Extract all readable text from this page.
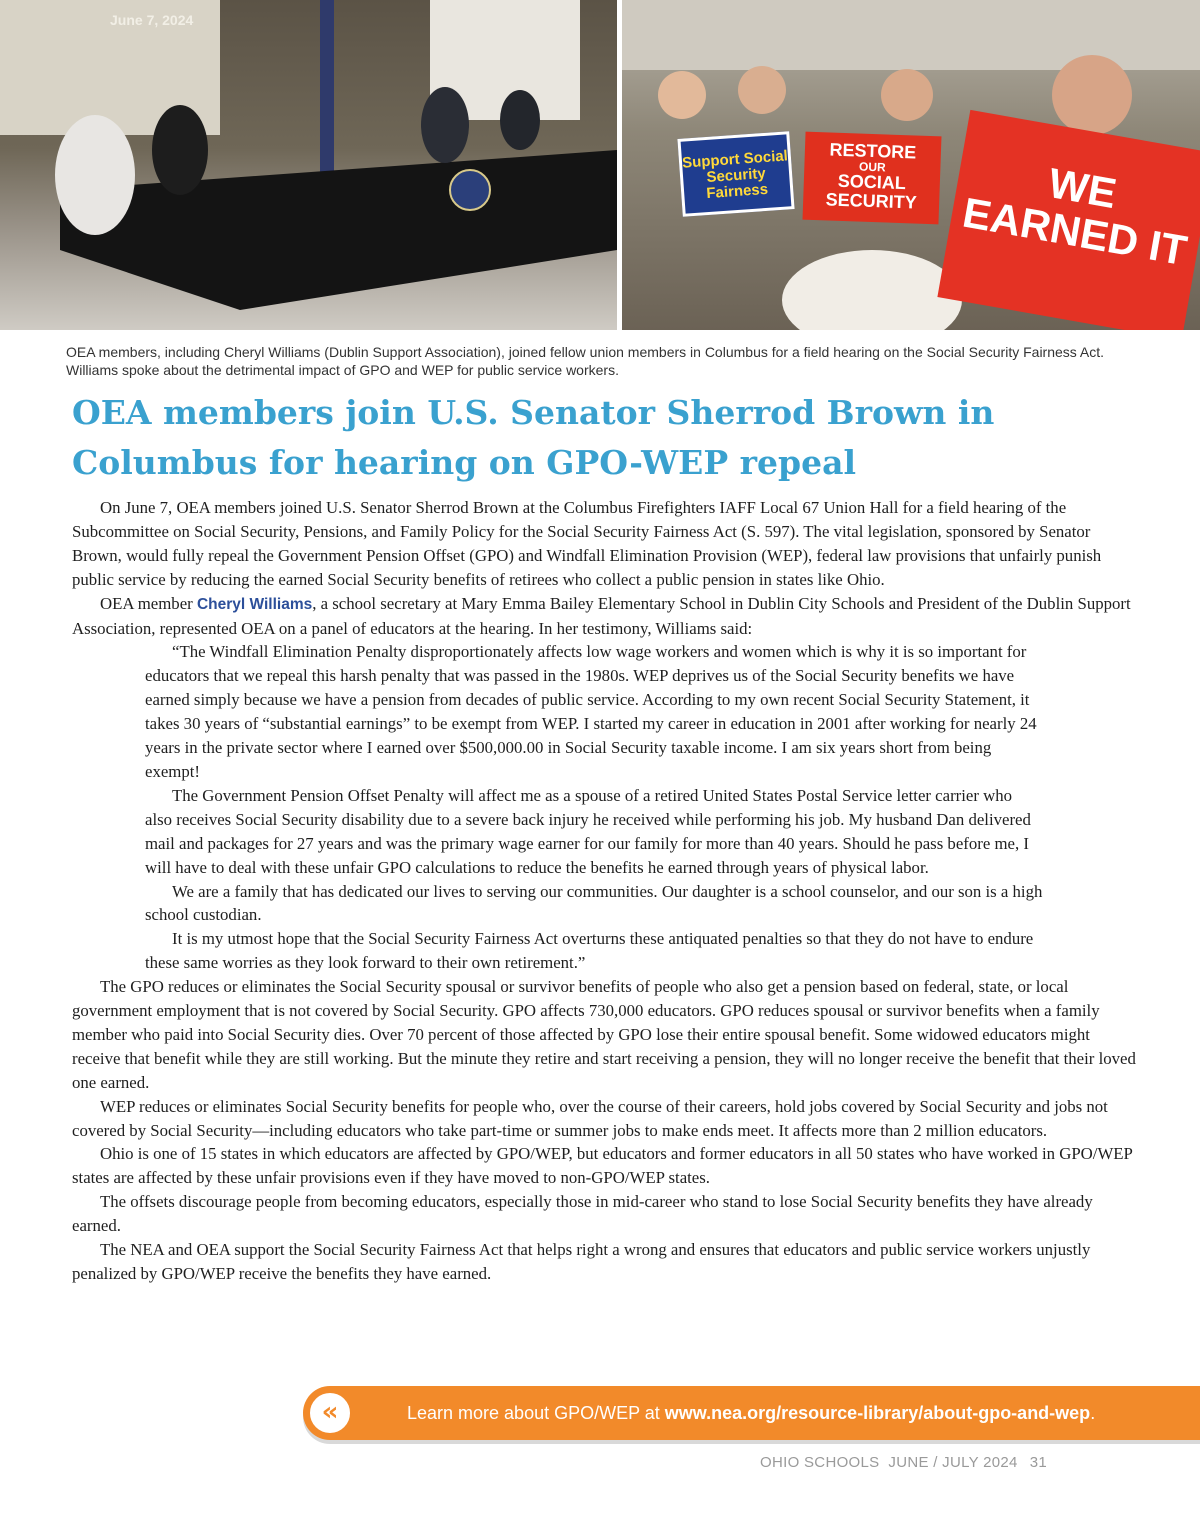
June 7, 2024
Support Social Security Fairness
RESTORE
OUR
SOCIAL SECURITY	WE EARNED IT
OEA members, including Cheryl Williams (Dublin Support Association), joined fellow union members in Columbus for a field hearing on the Social Security Fairness Act. Williams spoke about the detrimental impact of GPO and WEP for public service workers.
OEA members join U.S. Senator Sherrod Brown in Columbus for hearing on GPO-WEP repeal

On June 7, OEA members joined U.S. Senator Sherrod Brown at the Columbus Firefighters IAFF Local 67 Union Hall for a field hearing of the Subcommittee on Social Security, Pensions, and Family Policy for the Social Security Fairness Act (S. 597). The vital legislation, sponsored by Senator Brown, would fully repeal the Government Pension Offset (GPO) and Windfall Elimination Provision (WEP), federal law provisions that unfairly punish public service by reducing the earned Social Security benefits of retirees who collect a public pension in states like Ohio.

OEA member Cheryl Williams, a school secretary at Mary Emma Bailey Elementary School in Dublin City Schools and President of the Dublin Support Association, represented OEA on a panel of educators at the hearing. In her testimony, Williams said:

“The Windfall Elimination Penalty disproportionately affects low wage workers and women which is why it is so important for educators that we repeal this harsh penalty that was passed in the 1980s. WEP deprives us of the Social Security benefits we have earned simply because we have a pension from decades of public service. According to my own recent Social Security Statement, it takes 30 years of “substantial earnings” to be exempt from WEP. I started my career in education in 2001 after working for nearly 24 years in the private sector where I earned over $500,000.00 in Social Security taxable income. I am six years short from being exempt!

The Government Pension Offset Penalty will affect me as a spouse of a retired United States Postal Service letter carrier who also receives Social Security disability due to a severe back injury he received while performing his job. My husband Dan delivered mail and packages for 27 years and was the primary wage earner for our family for more than 40 years. Should he pass before me, I will have to deal with these unfair GPO calculations to reduce the benefits he earned through years of physical labor.

We are a family that has dedicated our lives to serving our communities. Our daughter is a school counselor, and our son is a high school custodian.

It is my utmost hope that the Social Security Fairness Act overturns these antiquated penalties so that they do not have to endure these same worries as they look forward to their own retirement.”

The GPO reduces or eliminates the Social Security spousal or survivor benefits of people who also get a pension based on federal, state, or local government employment that is not covered by Social Security. GPO affects 730,000 educators. GPO reduces spousal or survivor benefits when a family member who paid into Social Security dies. Over 70 percent of those affected by GPO lose their entire spousal benefit. Some widowed educators might receive that benefit while they are still working. But the minute they retire and start receiving a pension, they will no longer receive the benefit that their loved one earned.

WEP reduces or eliminates Social Security benefits for people who, over the course of their careers, hold jobs covered by Social Security and jobs not covered by Social Security—including educators who take part-time or summer jobs to make ends meet. It affects more than 2 million educators.

Ohio is one of 15 states in which educators are affected by GPO/WEP, but educators and former educators in all 50 states who have worked in GPO/WEP states are affected by these unfair provisions even if they have moved to non-GPO/WEP states.

The offsets discourage people from becoming educators, especially those in mid-career who stand to lose Social Security benefits they have already earned.

The NEA and OEA support the Social Security Fairness Act that helps right a wrong and ensures that educators and public service workers unjustly penalized by GPO/WEP receive the benefits they have earned.

«	Learn more about GPO/WEP at www.nea.org/resource-library/about-gpo-and-wep.
OHIO SCHOOLS  JUNE / JULY 2024 31
